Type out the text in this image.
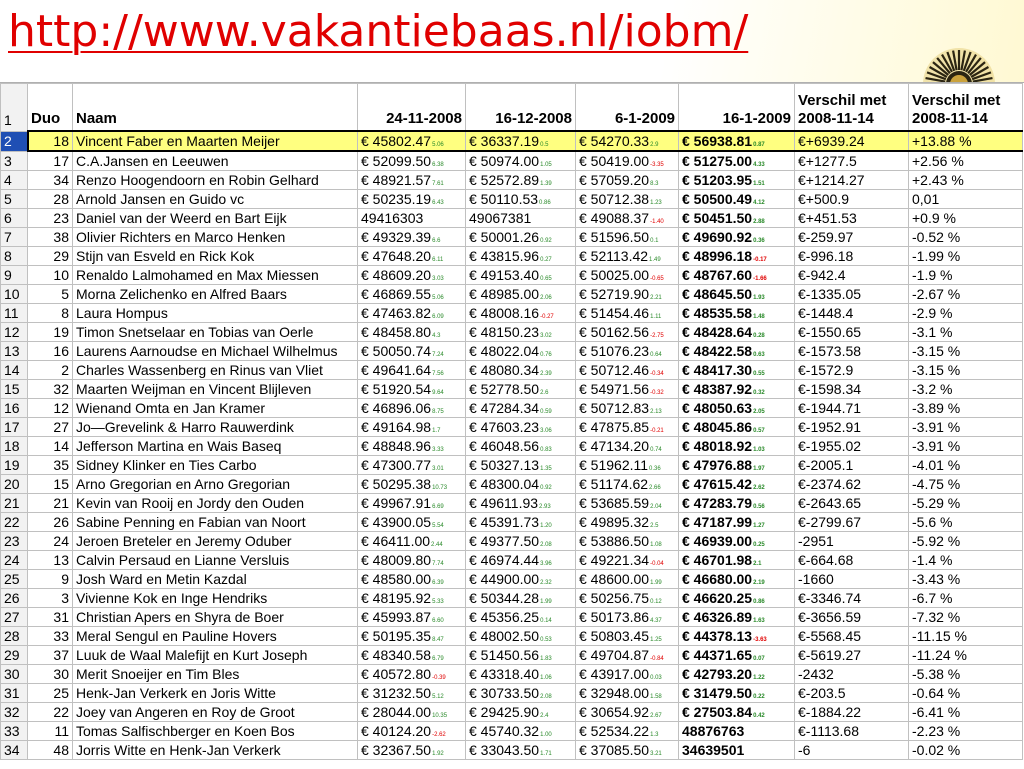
http://www.vakantiebaas.nl/iobm/
1	Duo	Naam	24-11-2008	16-12-2008	6-1-2009	16-1-2009	Verschil met 2008-11-14	Verschil met 2008-11-14
2	18	Vincent Faber en Maarten Meijer	€ 45802.475.06	€ 36337.190.5	€ 54270.332.9	€ 56938.810.87	€+6939.24	+13.88 %
3	17	C.A.Jansen en Leeuwen	€ 52099.506.38	€ 50974.001.05	€ 50419.00-3.35	€ 51275.004.33	€+1277.5	+2.56 %
4	34	Renzo Hoogendoorn en Robin Gelhard	€ 48921.577.61	€ 52572.891.39	€ 57059.208.3	€ 51203.951.51	€+1214.27	+2.43 %
5	28	Arnold Jansen en Guido vc	€ 50235.196.43	€ 50110.530.86	€ 50712.381.23	€ 50500.494.12	€+500.9	0,01
6	23	Daniel van der Weerd en Bart Eijk	49416303	49067381	€ 49088.37-1.40	€ 50451.502.88	€+451.53	+0.9 %
7	38	Olivier Richters en Marco Henken	€ 49329.396.6	€ 50001.260.92	€ 51596.500.1	€ 49690.920.36	€-259.97	-0.52 %
8	29	Stijn van Esveld en Rick Kok	€ 47648.206.11	€ 43815.960.27	€ 52113.421.49	€ 48996.18-0.17	€-996.18	-1.99 %
9	10	Renaldo Lalmohamed en Max Miessen	€ 48609.203.03	€ 49153.400.65	€ 50025.00-0.65	€ 48767.60-1.66	€-942.4	-1.9 %
10	5	Morna Zelichenko en Alfred Baars	€ 46869.555.06	€ 48985.002.06	€ 52719.902.21	€ 48645.501.93	€-1335.05	-2.67 %
11	8	Laura Hompus	€ 47463.826.09	€ 48008.16-0.27	€ 51454.461.11	€ 48535.581.48	€-1448.4	-2.9 %
12	19	Timon Snetselaar en Tobias van Oerle	€ 48458.804.3	€ 48150.233.02	€ 50162.56-2.75	€ 48428.640.28	€-1550.65	-3.1 %
13	16	Laurens Aarnoudse en Michael Wilhelmus	€ 50050.747.24	€ 48022.040.76	€ 51076.230.64	€ 48422.580.63	€-1573.58	-3.15 %
14	2	Charles Wassenberg en Rinus van Vliet	€ 49641.647.56	€ 48080.342.39	€ 50712.46-0.34	€ 48417.300.55	€-1572.9	-3.15 %
15	32	Maarten Weijman en Vincent Blijleven	€ 51920.549.64	€ 52778.502.6	€ 54971.56-0.32	€ 48387.920.32	€-1598.34	-3.2 %
16	12	Wienand Omta en Jan Kramer	€ 46896.068.75	€ 47284.340.59	€ 50712.832.13	€ 48050.632.05	€-1944.71	-3.89 %
17	27	Jo—Grevelink & Harro Rauwerdink	€ 49164.981.7	€ 47603.233.06	€ 47875.85-0.21	€ 48045.860.57	€-1952.91	-3.91 %
18	14	Jefferson Martina en Wais Baseq	€ 48848.963.33	€ 46048.560.83	€ 47134.200.74	€ 48018.921.03	€-1955.02	-3.91 %
19	35	Sidney Klinker en Ties Carbo	€ 47300.773.01	€ 50327.131.35	€ 51962.110.36	€ 47976.881.97	€-2005.1	-4.01 %
20	15	Arno Gregorian en Arno Gregorian	€ 50295.3810.73	€ 48300.040.92	€ 51174.622.66	€ 47615.422.62	€-2374.62	-4.75 %
21	21	Kevin van Rooij en Jordy den Ouden	€ 49967.916.69	€ 49611.932.93	€ 53685.592.04	€ 47283.790.56	€-2643.65	-5.29 %
22	26	Sabine Penning en Fabian van Noort	€ 43900.055.54	€ 45391.731.20	€ 49895.322.5	€ 47187.991.27	€-2799.67	-5.6 %
23	24	Jeroen Breteler en Jeremy Oduber	€ 46411.002.44	€ 49377.502.08	€ 53886.501.08	€ 46939.000.25	-2951	-5.92 %
24	13	Calvin Persaud en Lianne Versluis	€ 48009.807.74	€ 46974.443.96	€ 49221.34-0.04	€ 46701.982.1	€-664.68	-1.4 %
25	9	Josh Ward en Metin Kazdal	€ 48580.006.39	€ 44900.002.32	€ 48600.001.99	€ 46680.002.19	-1660	-3.43 %
26	3	Vivienne Kok en Inge Hendriks	€ 48195.925.33	€ 50344.281.99	€ 50256.750.12	€ 46620.250.86	€-3346.74	-6.7 %
27	31	Christian Apers en Shyra de Boer	€ 45993.876.60	€ 45356.250.14	€ 50173.864.37	€ 46326.891.63	€-3656.59	-7.32 %
28	33	Meral Sengul en Pauline Hovers	€ 50195.358.47	€ 48002.500.53	€ 50803.451.25	€ 44378.13-3.63	€-5568.45	-11.15 %
29	37	Luuk de Waal Malefijt en Kurt Joseph	€ 48340.586.79	€ 51450.561.83	€ 49704.87-0.84	€ 44371.650.07	€-5619.27	-11.24 %
30	30	Merit Snoeijer en Tim Bles	€ 40572.80-0.39	€ 43318.401.06	€ 43917.000.03	€ 42793.201.22	-2432	-5.38 %
31	25	Henk-Jan Verkerk en Joris Witte	€ 31232.505.12	€ 30733.502.08	€ 32948.001.58	€ 31479.500.22	€-203.5	-0.64 %
32	22	Joey van Angeren en Roy de Groot	€ 28044.0010.35	€ 29425.902.4	€ 30654.922.67	€ 27503.840.42	€-1884.22	-6.41 %
33	11	Tomas Salfischberger en Koen Bos	€ 40124.20-2.62	€ 45740.321.00	€ 52534.221.3	48876763	€-1113.68	-2.23 %
34	48	Jorris Witte en Henk-Jan Verkerk	€ 32367.501.92	€ 33043.501.71	€ 37085.503.21	34639501	-6	-0.02 %
